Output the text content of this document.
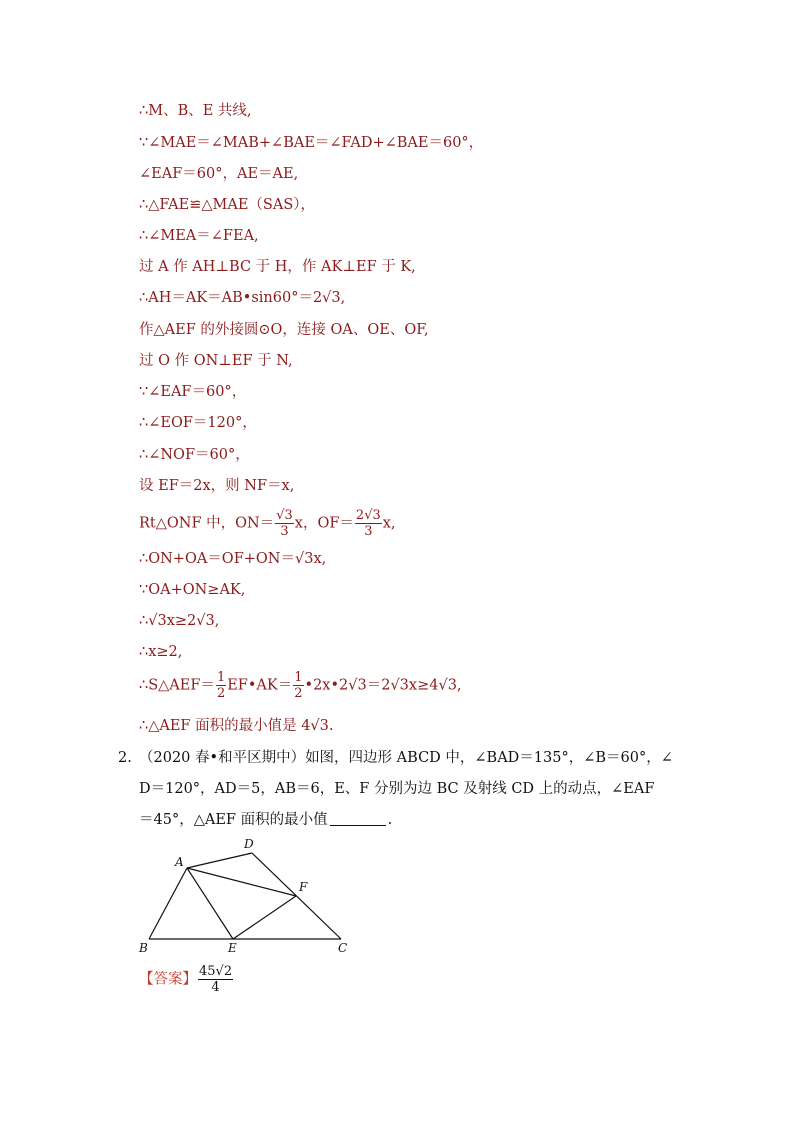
∴M、B、E 共线,
∵∠MAE＝∠MAB+∠BAE＝∠FAD+∠BAE＝60°，
∠EAF＝60°，AE＝AE,
∴△FAE≌△MAE（SAS），
∴∠MEA＝∠FEA,
过 A 作 AH⊥BC 于 H，作 AK⊥EF 于 K,
∴AH＝AK＝AB•sin60°＝2√3,
作△AEF 的外接圆⊙O，连接 OA、OE、OF,
过 O 作 ON⊥EF 于 N,
∵∠EAF＝60°，
∴∠EOF＝120°，
∴∠NOF＝60°，
设 EF＝2x，则 NF＝x,
Rt△ONF 中，$ON= \frac{√3}{3}$ x，$OF= \frac{2√3}{3} x$,
∴ON+OA＝OF+ON＝√3x,
∵OA+ON≥AK,
∴√3x≥2√3,
∴x≥2,
∴S△AEF＝ $\frac{1}{2}$ EF•AK＝ $\frac{1}{2}$ •2x•2√3＝2√3x≥4√3,
∴△AEF 面积的最小值是 4√3.
2. （2020 春•和平区期中）如图，四边形 ABCD 中，∠BAD＝135°，∠B＝60°，∠
D＝120°，AD＝5，AB＝6，E、F 分别为边 BC 及射线 CD 上的动点，∠EAF
＝45°，△AEF 面积的最小值	.
A
D
F
B	E	C
【答案】 $\frac{45√2}{4}$
